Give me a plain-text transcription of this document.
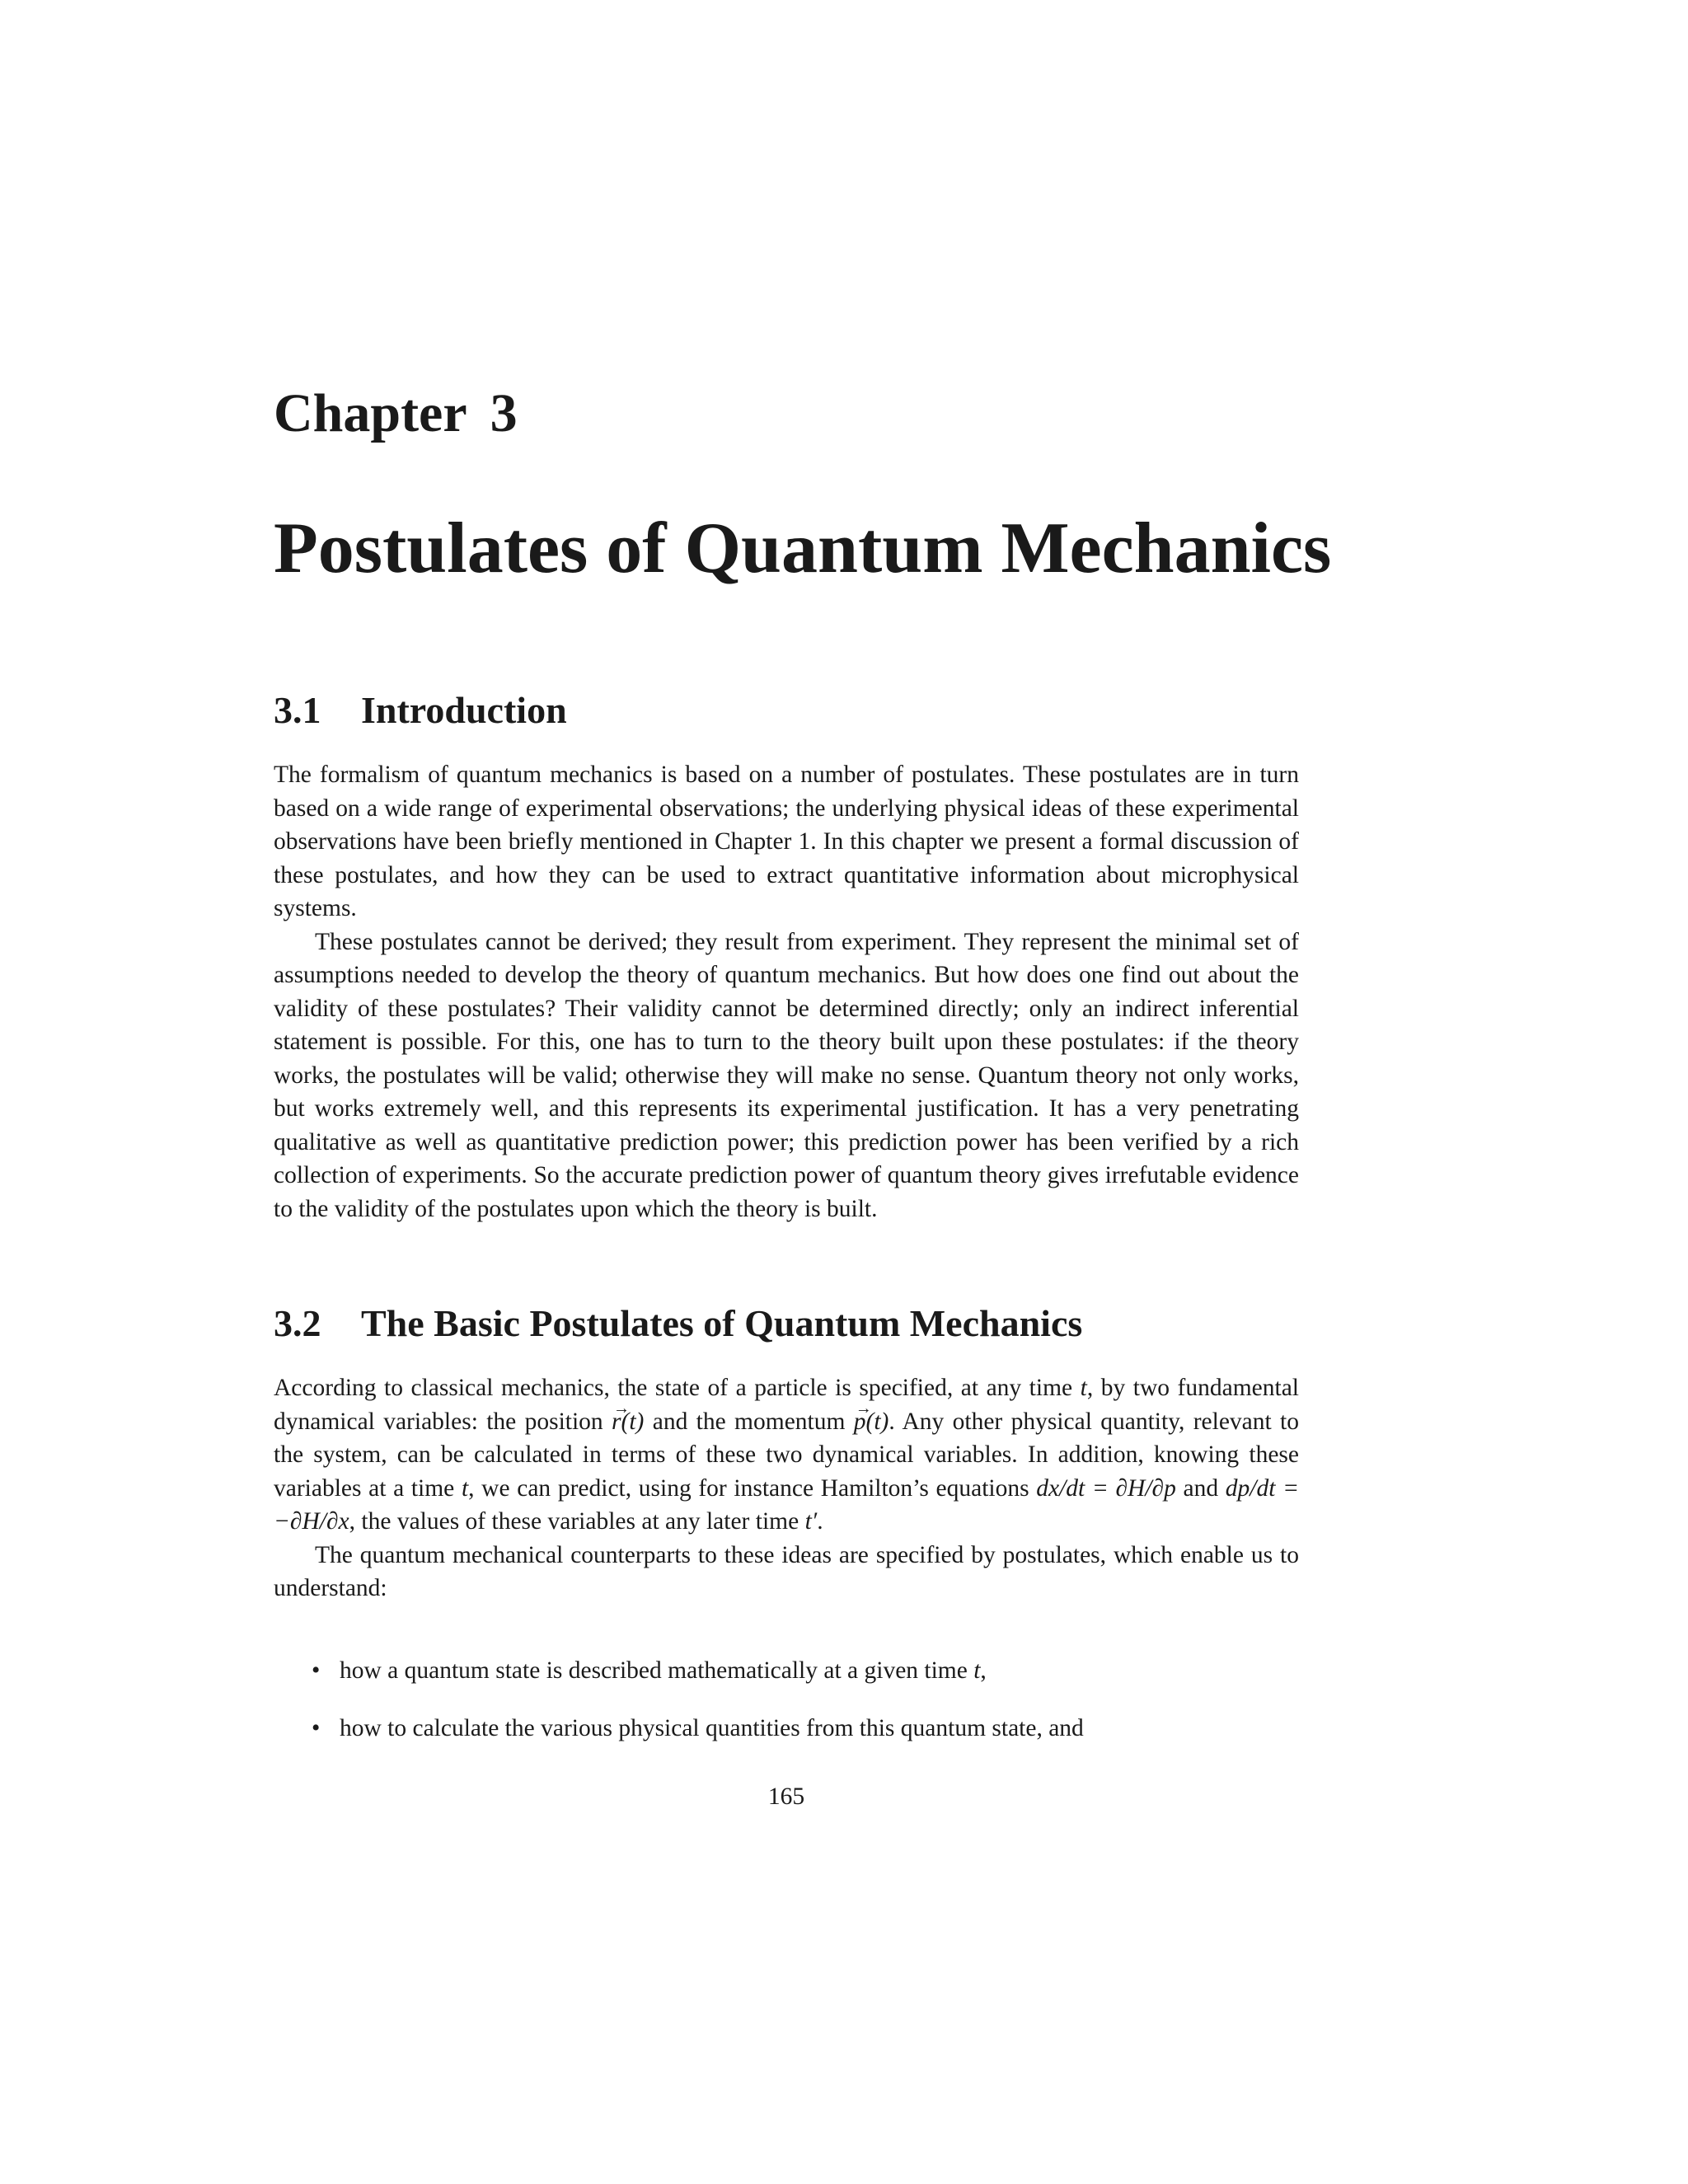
Chapter 3
Postulates of Quantum Mechanics
3.1 Introduction

The formalism of quantum mechanics is based on a number of postulates. These postulates are in turn based on a wide range of experimental observations; the underlying physical ideas of these experimental observations have been briefly mentioned in Chapter 1. In this chapter we present a formal discussion of these postulates, and how they can be used to extract quantitative information about microphysical systems.

These postulates cannot be derived; they result from experiment. They represent the minimal set of assumptions needed to develop the theory of quantum mechanics. But how does one find out about the validity of these postulates? Their validity cannot be determined directly; only an indirect inferential statement is possible. For this, one has to turn to the theory built upon these postulates: if the theory works, the postulates will be valid; otherwise they will make no sense. Quantum theory not only works, but works extremely well, and this represents its experimental justification. It has a very penetrating qualitative as well as quantitative prediction power; this prediction power has been verified by a rich collection of experiments. So the accurate prediction power of quantum theory gives irrefutable evidence to the validity of the postulates upon which the theory is built.

3.2 The Basic Postulates of Quantum Mechanics

According to classical mechanics, the state of a particle is specified, at any time t, by two fundamental dynamical variables: the position → r(t) and the momentum → p(t). Any other physical quantity, relevant to the system, can be calculated in terms of these two dynamical variables. In addition, knowing these variables at a time t, we can predict, using for instance Hamilton’s equations dx/dt = ∂H/∂p and dp/dt = −∂H/∂x, the values of these variables at any later time t′.

The quantum mechanical counterparts to these ideas are specified by postulates, which enable us to understand:

• how a quantum state is described mathematically at a given time t,
• how to calculate the various physical quantities from this quantum state, and
165
